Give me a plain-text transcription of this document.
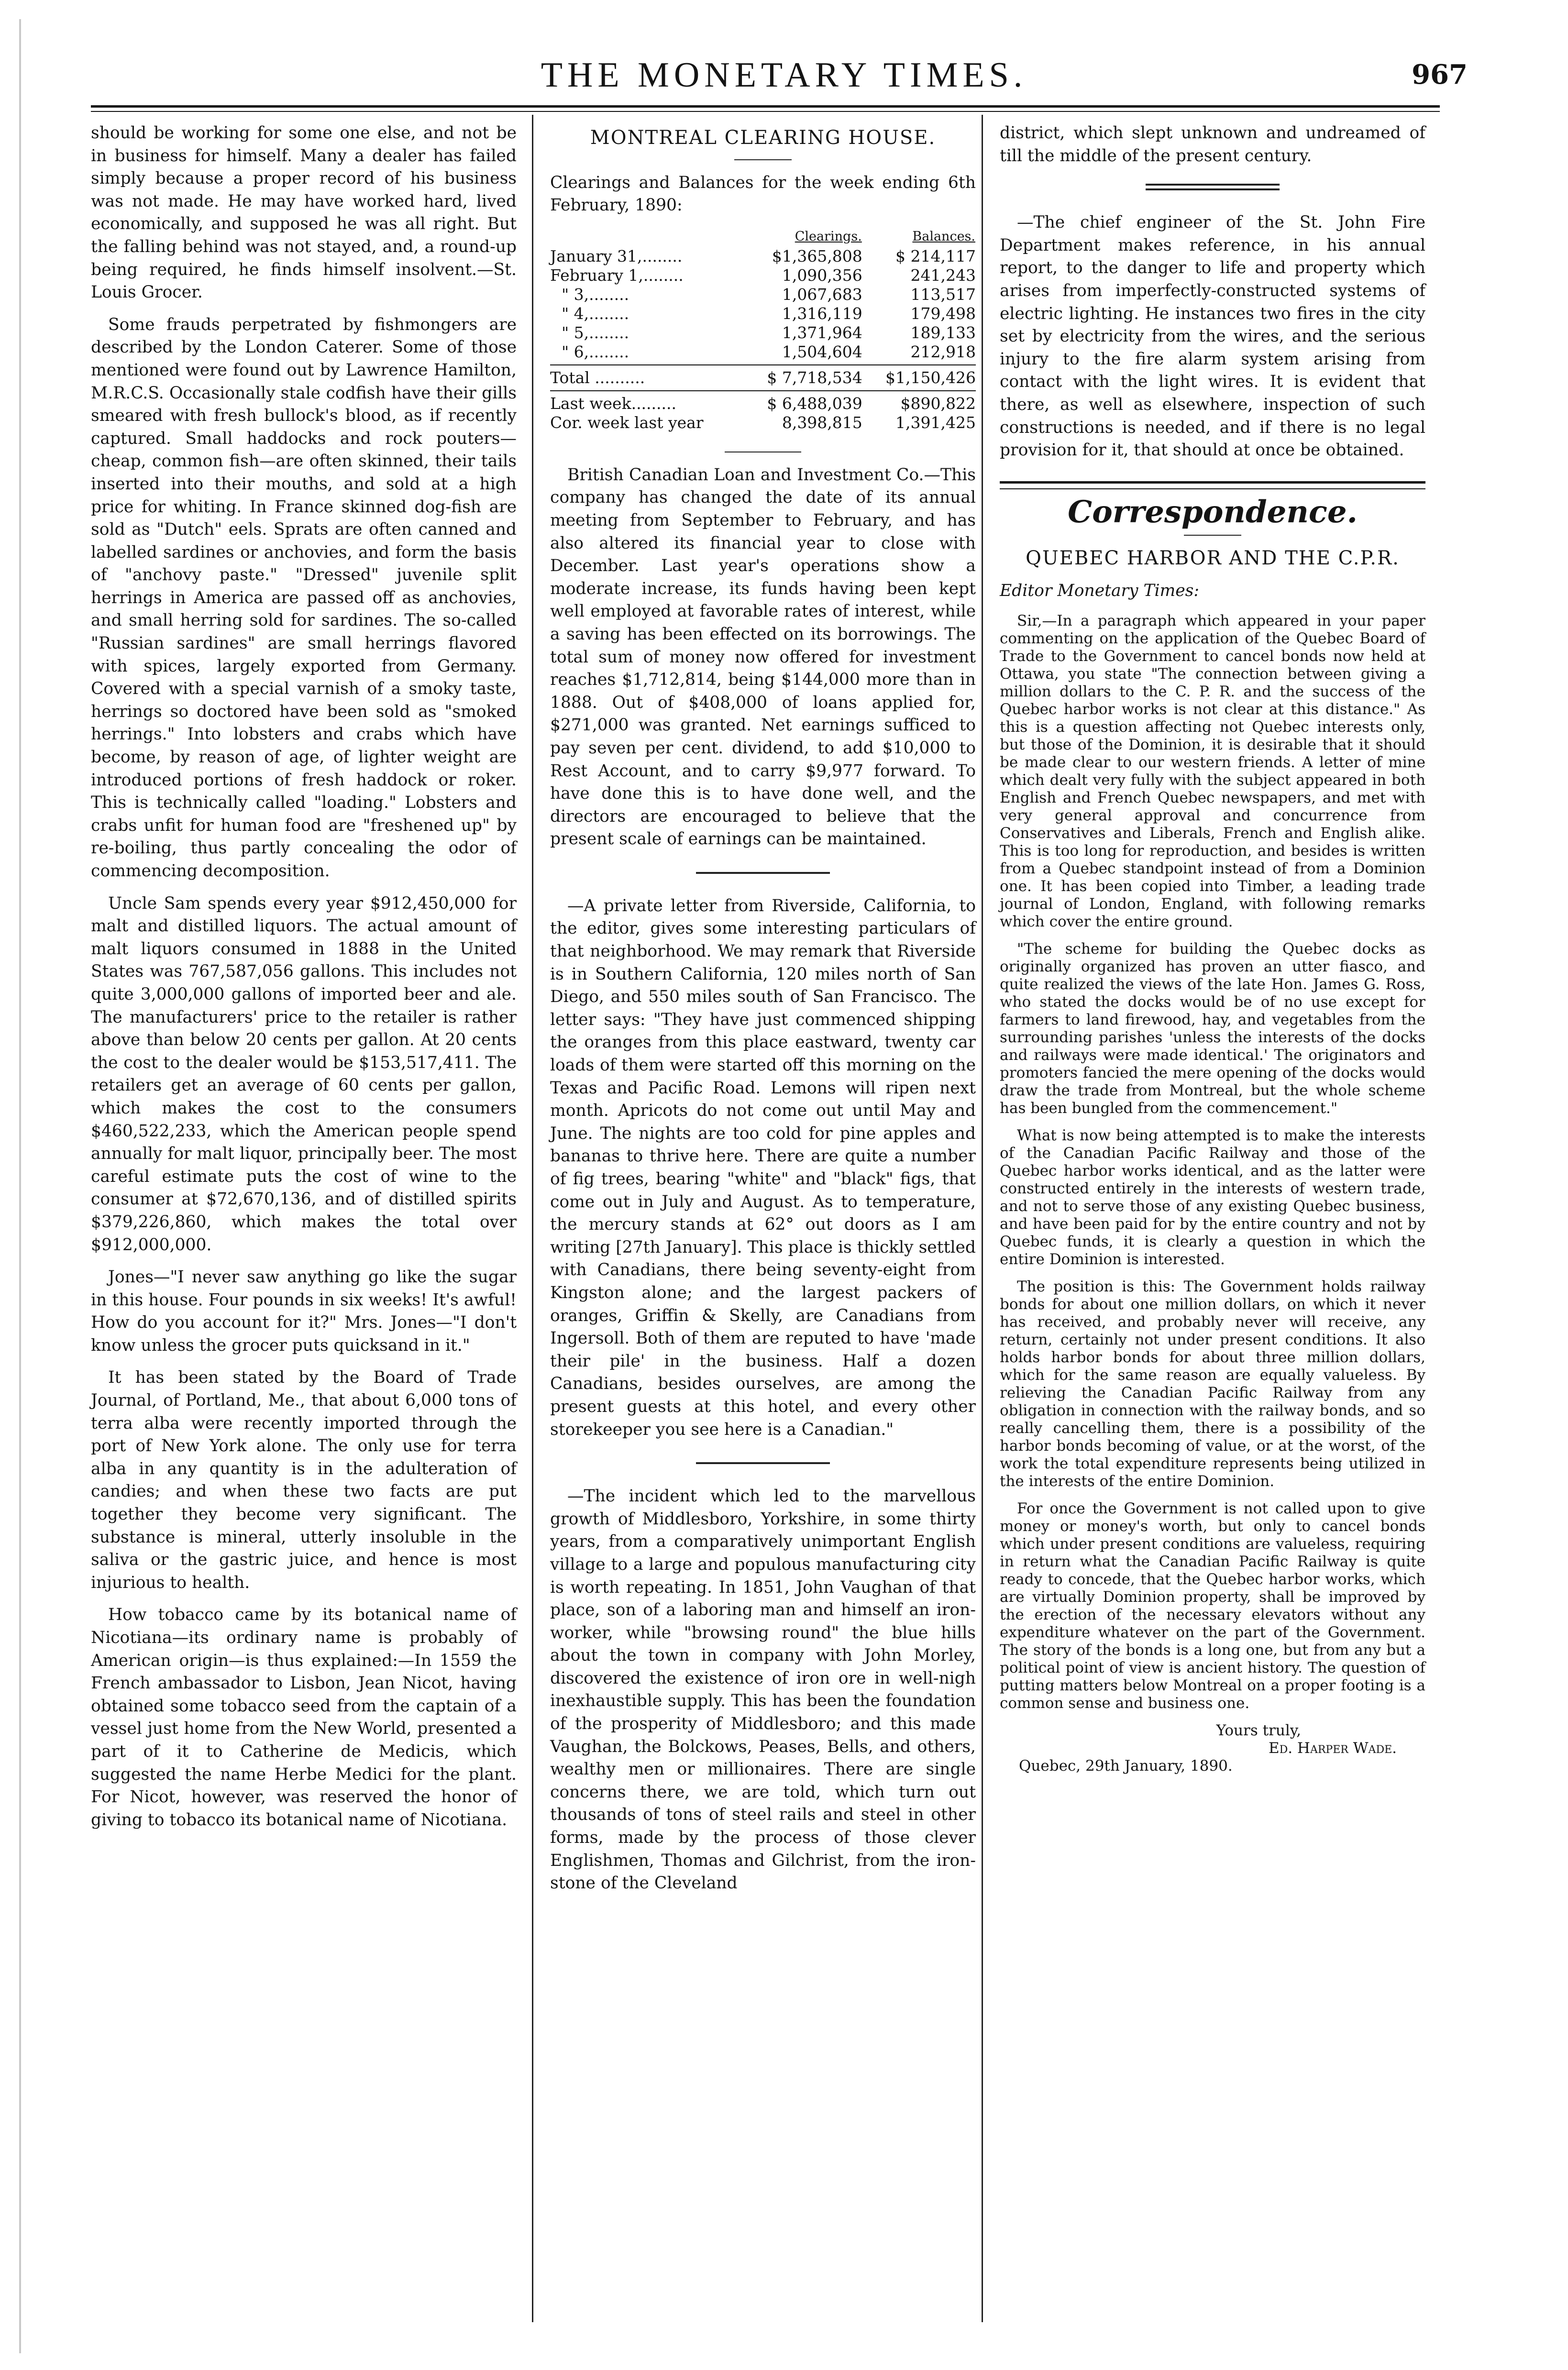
THE MONETARY TIMES.	967

should be working for some one else, and not be in business for himself. Many a dealer has failed simply because a proper record of his business was not made. He may have worked hard, lived economically, and supposed he was all right. But the falling behind was not stayed, and, a round-up being required, he finds himself insolvent.—St. Louis Grocer.

Some frauds perpetrated by fishmongers are described by the London Caterer. Some of those mentioned were found out by Lawrence Hamilton, M.R.C.S. Occasionally stale codfish have their gills smeared with fresh bullock's blood, as if recently captured. Small haddocks and rock pouters—cheap, common fish—are often skinned, their tails inserted into their mouths, and sold at a high price for whiting. In France skinned dog-fish are sold as "Dutch" eels. Sprats are often canned and labelled sardines or anchovies, and form the basis of "anchovy paste." "Dressed" juvenile split herrings in America are passed off as anchovies, and small herring sold for sardines. The so-called "Russian sardines" are small herrings flavored with spices, largely exported from Germany. Covered with a special varnish of a smoky taste, herrings so doctored have been sold as "smoked herrings." Into lobsters and crabs which have become, by reason of age, of lighter weight are introduced portions of fresh haddock or roker. This is technically called "loading." Lobsters and crabs unfit for human food are "freshened up" by re-boiling, thus partly concealing the odor of commencing decomposition.

Uncle Sam spends every year $912,450,000 for malt and distilled liquors. The actual amount of malt liquors consumed in 1888 in the United States was 767,587,056 gallons. This includes not quite 3,000,000 gallons of imported beer and ale. The manufacturers' price to the retailer is rather above than below 20 cents per gallon. At 20 cents the cost to the dealer would be $153,517,411. The retailers get an average of 60 cents per gallon, which makes the cost to the consumers $460,522,233, which the American people spend annually for malt liquor, principally beer. The most careful estimate puts the cost of wine to the consumer at $72,670,136, and of distilled spirits $379,226,860, which makes the total over $912,000,000.

Jones—"I never saw anything go like the sugar in this house. Four pounds in six weeks! It's awful! How do you account for it?" Mrs. Jones—"I don't know unless the grocer puts quicksand in it."

It has been stated by the Board of Trade Journal, of Portland, Me., that about 6,000 tons of terra alba were recently imported through the port of New York alone. The only use for terra alba in any quantity is in the adulteration of candies; and when these two facts are put together they become very significant. The substance is mineral, utterly insoluble in the saliva or the gastric juice, and hence is most injurious to health.

How tobacco came by its botanical name of Nicotiana—its ordinary name is probably of American origin—is thus explained:—In 1559 the French ambassador to Lisbon, Jean Nicot, having obtained some tobacco seed from the captain of a vessel just home from the New World, presented a part of it to Catherine de Medicis, which suggested the name Herbe Medici for the plant. For Nicot, however, was reserved the honor of giving to tobacco its botanical name of Nicotiana.

MONTREAL CLEARING HOUSE.

Clearings and Balances for the week ending 6th February, 1890:

	Clearings.	Balances.
January 31,........	$1,365,808	$ 214,117
February 1,........	1,090,356	241,243
" 3,........	1,067,683	113,517
" 4,........	1,316,119	179,498
" 5,........	1,371,964	189,133
" 6,........	1,504,604	212,918

Total ..........	$ 7,718,534	$1,150,426

Last week.........	$ 6,488,039	$890,822
Cor. week last year	8,398,815	1,391,425

British Canadian Loan and Investment Co.—This company has changed the date of its annual meeting from September to February, and has also altered its financial year to close with December. Last year's operations show a moderate increase, its funds having been kept well employed at favorable rates of interest, while a saving has been effected on its borrowings. The total sum of money now offered for investment reaches $1,712,814, being $144,000 more than in 1888. Out of $408,000 of loans applied for, $271,000 was granted. Net earnings sufficed to pay seven per cent. dividend, to add $10,000 to Rest Account, and to carry $9,977 forward. To have done this is to have done well, and the directors are encouraged to believe that the present scale of earnings can be maintained.

—A private letter from Riverside, California, to the editor, gives some interesting particulars of that neighborhood. We may remark that Riverside is in Southern California, 120 miles north of San Diego, and 550 miles south of San Francisco. The letter says: "They have just commenced shipping the oranges from this place eastward, twenty car loads of them were started off this morning on the Texas and Pacific Road. Lemons will ripen next month. Apricots do not come out until May and June. The nights are too cold for pine apples and bananas to thrive here. There are quite a number of fig trees, bearing "white" and "black" figs, that come out in July and August. As to temperature, the mercury stands at 62° out doors as I am writing [27th January]. This place is thickly settled with Canadians, there being seventy-eight from Kingston alone; and the largest packers of oranges, Griffin & Skelly, are Canadians from Ingersoll. Both of them are reputed to have 'made their pile' in the business. Half a dozen Canadians, besides ourselves, are among the present guests at this hotel, and every other storekeeper you see here is a Canadian."

—The incident which led to the marvellous growth of Middlesboro, Yorkshire, in some thirty years, from a comparatively unimportant English village to a large and populous manufacturing city is worth repeating. In 1851, John Vaughan of that place, son of a laboring man and himself an iron-worker, while "browsing round" the blue hills about the town in company with John Morley, discovered the existence of iron ore in well-nigh inexhaustible supply. This has been the foundation of the prosperity of Middlesboro; and this made Vaughan, the Bolckows, Peases, Bells, and others, wealthy men or millionaires. There are single concerns there, we are told, which turn out thousands of tons of steel rails and steel in other forms, made by the process of those clever Englishmen, Thomas and Gilchrist, from the iron-stone of the Cleveland

district, which slept unknown and undreamed of till the middle of the present century.

—The chief engineer of the St. John Fire Department makes reference, in his annual report, to the danger to life and property which arises from imperfectly-constructed systems of electric lighting. He instances two fires in the city set by electricity from the wires, and the serious injury to the fire alarm system arising from contact with the light wires. It is evident that there, as well as elsewhere, inspection of such constructions is needed, and if there is no legal provision for it, that should at once be obtained.

Correspondence.
QUEBEC HARBOR AND THE C.P.R.

Editor Monetary Times:

Sir,—In a paragraph which appeared in your paper commenting on the application of the Quebec Board of Trade to the Government to cancel bonds now held at Ottawa, you state "The connection between giving a million dollars to the C. P. R. and the success of the Quebec harbor works is not clear at this distance." As this is a question affecting not Quebec interests only, but those of the Dominion, it is desirable that it should be made clear to our western friends. A letter of mine which dealt very fully with the subject appeared in both English and French Quebec newspapers, and met with very general approval and concurrence from Conservatives and Liberals, French and English alike. This is too long for reproduction, and besides is written from a Quebec standpoint instead of from a Dominion one. It has been copied into Timber, a leading trade journal of London, England, with following remarks which cover the entire ground.

"The scheme for building the Quebec docks as originally organized has proven an utter fiasco, and quite realized the views of the late Hon. James G. Ross, who stated the docks would be of no use except for farmers to land firewood, hay, and vegetables from the surrounding parishes 'unless the interests of the docks and railways were made identical.' The originators and promoters fancied the mere opening of the docks would draw the trade from Montreal, but the whole scheme has been bungled from the commencement."

What is now being attempted is to make the interests of the Canadian Pacific Railway and those of the Quebec harbor works identical, and as the latter were constructed entirely in the interests of western trade, and not to serve those of any existing Quebec business, and have been paid for by the entire country and not by Quebec funds, it is clearly a question in which the entire Dominion is interested.

The position is this: The Government holds railway bonds for about one million dollars, on which it never has received, and probably never will receive, any return, certainly not under present conditions. It also holds harbor bonds for about three million dollars, which for the same reason are equally valueless. By relieving the Canadian Pacific Railway from any obligation in connection with the railway bonds, and so really cancelling them, there is a possibility of the harbor bonds becoming of value, or at the worst, of the work the total expenditure represents being utilized in the interests of the entire Dominion.

For once the Government is not called upon to give money or money's worth, but only to cancel bonds which under present conditions are valueless, requiring in return what the Canadian Pacific Railway is quite ready to concede, that the Quebec harbor works, which are virtually Dominion property, shall be improved by the erection of the necessary elevators without any expenditure whatever on the part of the Government. The story of the bonds is a long one, but from any but a political point of view is ancient history. The question of putting matters below Montreal on a proper footing is a common sense and business one.

Yours truly,

Ed. Harper Wade.

Quebec, 29th January, 1890.
